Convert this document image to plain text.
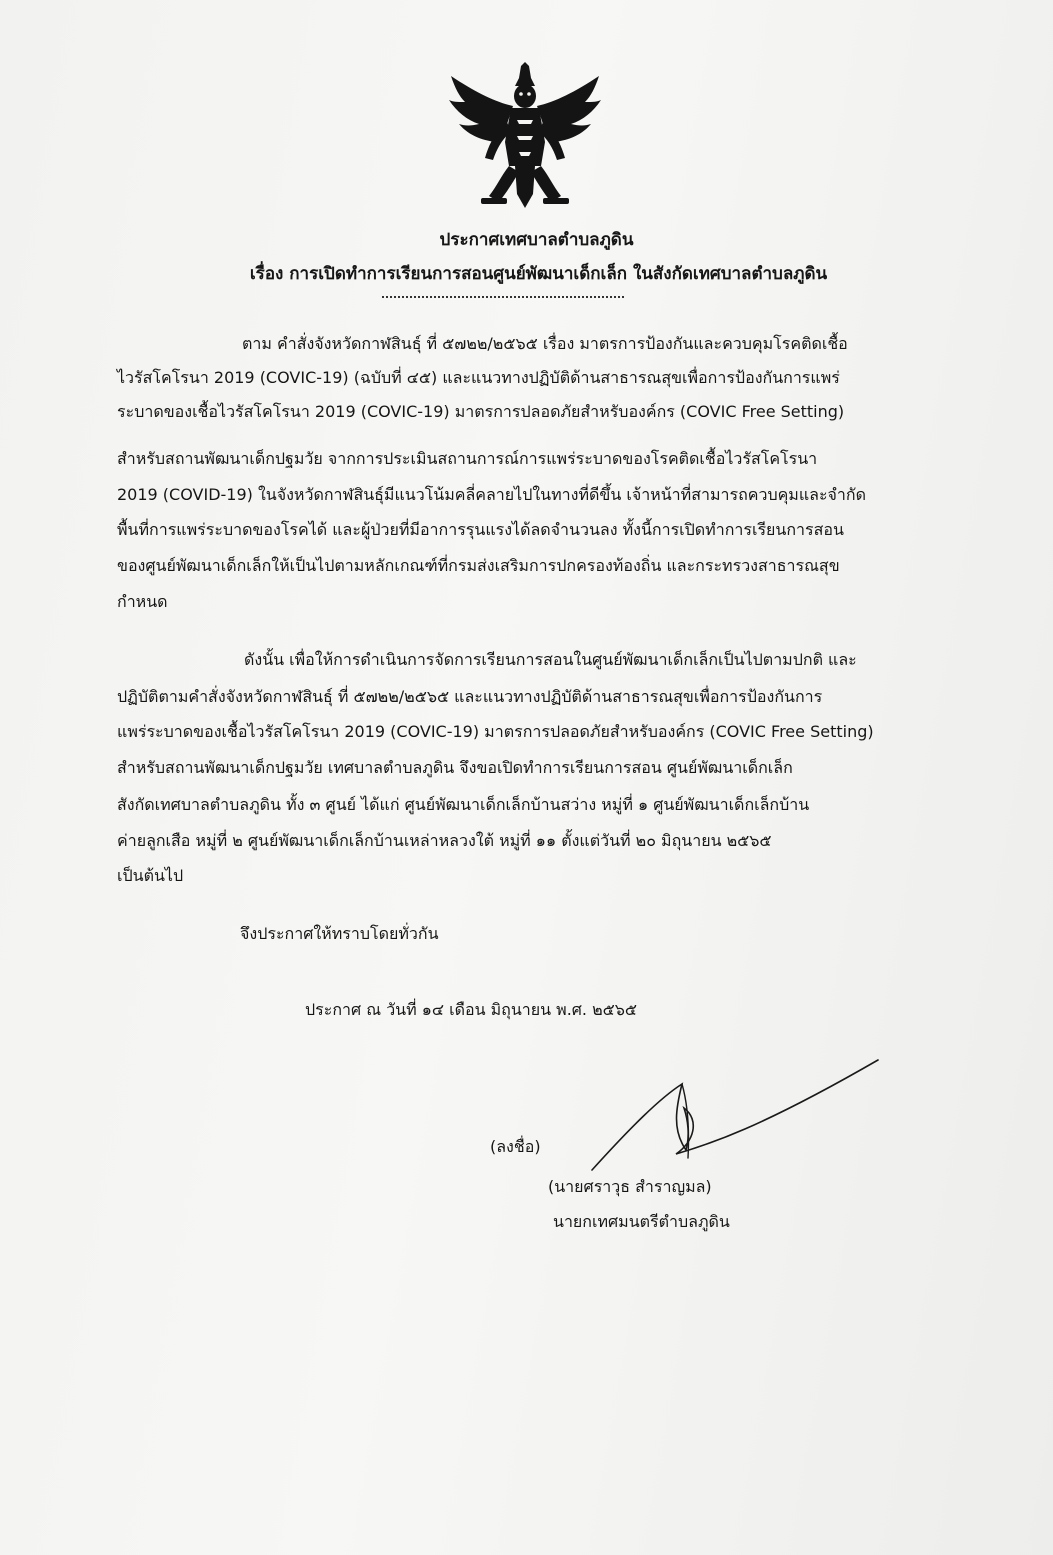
ประกาศเทศบาลตำบลภูดิน
เรื่อง การเปิดทำการเรียนการสอนศูนย์พัฒนาเด็กเล็ก ในสังกัดเทศบาลตำบลภูดิน
ตาม คำสั่งจังหวัดกาฬสินธุ์ ที่ ๕๗๒๒/๒๕๖๕ เรื่อง มาตรการป้องกันและควบคุมโรคติดเชื้อ
ไวรัสโคโรนา 2019 (COVIC-19) (ฉบับที่ ๔๕) และแนวทางปฏิบัติด้านสาธารณสุขเพื่อการป้องกันการแพร่
ระบาดของเชื้อไวรัสโคโรนา 2019 (COVIC-19) มาตรการปลอดภัยสำหรับองค์กร (COVIC Free Setting)
สำหรับสถานพัฒนาเด็กปฐมวัย จากการประเมินสถานการณ์การแพร่ระบาดของโรคติดเชื้อไวรัสโคโรนา
2019 (COVID-19) ในจังหวัดกาฬสินธุ์มีแนวโน้มคลี่คลายไปในทางที่ดีขึ้น เจ้าหน้าที่สามารถควบคุมและจำกัด
พื้นที่การแพร่ระบาดของโรคได้ และผู้ป่วยที่มีอาการรุนแรงได้ลดจำนวนลง ทั้งนี้การเปิดทำการเรียนการสอน
ของศูนย์พัฒนาเด็กเล็กให้เป็นไปตามหลักเกณฑ์ที่กรมส่งเสริมการปกครองท้องถิ่น และกระทรวงสาธารณสุข
กำหนด
ดังนั้น เพื่อให้การดำเนินการจัดการเรียนการสอนในศูนย์พัฒนาเด็กเล็กเป็นไปตามปกติ และ
ปฏิบัติตามคำสั่งจังหวัดกาฬสินธุ์ ที่ ๕๗๒๒/๒๕๖๕ และแนวทางปฏิบัติด้านสาธารณสุขเพื่อการป้องกันการ
แพร่ระบาดของเชื้อไวรัสโคโรนา 2019 (COVIC-19) มาตรการปลอดภัยสำหรับองค์กร (COVIC Free Setting)
สำหรับสถานพัฒนาเด็กปฐมวัย เทศบาลตำบลภูดิน จึงขอเปิดทำการเรียนการสอน ศูนย์พัฒนาเด็กเล็ก
สังกัดเทศบาลตำบลภูดิน ทั้ง ๓ ศูนย์ ได้แก่ ศูนย์พัฒนาเด็กเล็กบ้านสว่าง หมู่ที่ ๑ ศูนย์พัฒนาเด็กเล็กบ้าน
ค่ายลูกเสือ หมู่ที่ ๒ ศูนย์พัฒนาเด็กเล็กบ้านเหล่าหลวงใต้ หมู่ที่ ๑๑ ตั้งแต่วันที่ ๒๐ มิถุนายน ๒๕๖๕
เป็นต้นไป
จึงประกาศให้ทราบโดยทั่วกัน
ประกาศ ณ วันที่ ๑๔ เดือน มิถุนายน พ.ศ. ๒๕๖๕
(ลงชื่อ)
(นายศราวุธ สำราญมล)
นายกเทศมนตรีตำบลภูดิน
